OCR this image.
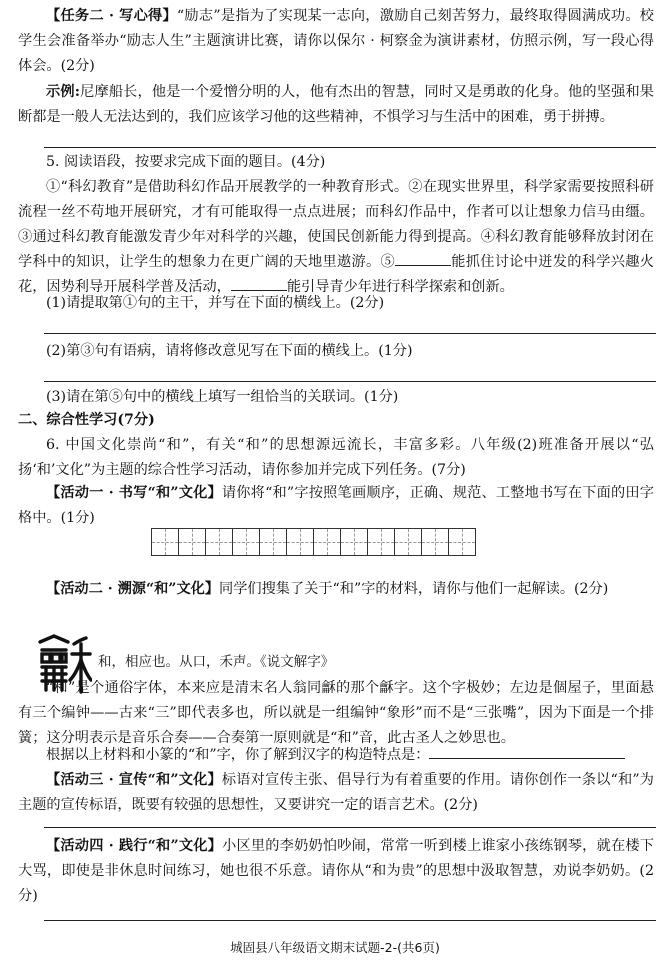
【任务二 · 写心得】“励志”是指为了实现某一志向，激励自己刻苦努力，最终取得圆满成功。校学生会准备举办“励志人生”主题演讲比赛，请你以保尔 · 柯察金为演讲素材，仿照示例，写一段心得体会。(2分)

示例:尼摩船长，他是一个爱憎分明的人，他有杰出的智慧，同时又是勇敢的化身。他的坚强和果断都是一般人无法达到的，我们应该学习他的这些精神，不惧学习与生活中的困难，勇于拼搏。

5. 阅读语段，按要求完成下面的题目。(4分)

①“科幻教育”是借助科幻作品开展教学的一种教育形式。②在现实世界里，科学家需要按照科研流程一丝不苟地开展研究，才有可能取得一点点进展；而科幻作品中，作者可以让想象力信马由缰。③通过科幻教育能激发青少年对科学的兴趣，使国民创新能力得到提高。④科幻教育能够释放封闭在学科中的知识，让学生的想象力在更广阔的天地里遨游。⑤	能抓住讨论中迸发的科学兴趣火花，因势利导开展科学普及活动，	能引导青少年进行科学探索和创新。

(1)请提取第①句的主干，并写在下面的横线上。(2分)

(2)第③句有语病，请将修改意见写在下面的横线上。(1分)

(3)请在第⑤句中的横线上填写一组恰当的关联词。(1分)

二、综合性学习(7分)

6. 中国文化崇尚“和”，有关“和”的思想源远流长，丰富多彩。八年级(2)班准备开展以“弘扬‘和’文化”为主题的综合性学习活动，请你参加并完成下列任务。(7分)

【活动一 · 书写“和”文化】请你将“和”字按照笔画顺序，正确、规范、工整地书写在下面的田字格中。(1分)

【活动二 · 溯源“和”文化】同学们搜集了关于“和”字的材料，请你与他们一起解读。(2分)

和，相应也。从口，禾声。《说文解字》

“和”是个通俗字体，本来应是清末名人翁同龢的那个龢字。这个字极妙；左边是個屋子，里面悬有三个编钟——古来“三”即代表多也，所以就是一组编钟“象形”而不是“三张嘴”，因为下面是一个排簧；这分明表示是音乐合奏——合奏第一原则就是“和”音，此古圣人之妙思也。

根据以上材料和小篆的“和”字，你了解到汉字的构造特点是：

【活动三 · 宣传“和”文化】标语对宣传主张、倡导行为有着重要的作用。请你创作一条以“和”为主题的宣传标语，既要有较强的思想性，又要讲究一定的语言艺术。(2分)

【活动四 · 践行“和”文化】小区里的李奶奶怕吵闹，常常一听到楼上谁家小孩练钢琴，就在楼下大骂，即使是非休息时间练习，她也很不乐意。请你从“和为贵”的思想中汲取智慧，劝说李奶奶。(2分)

城固县八年级语文期末试题-2-(共6页)
